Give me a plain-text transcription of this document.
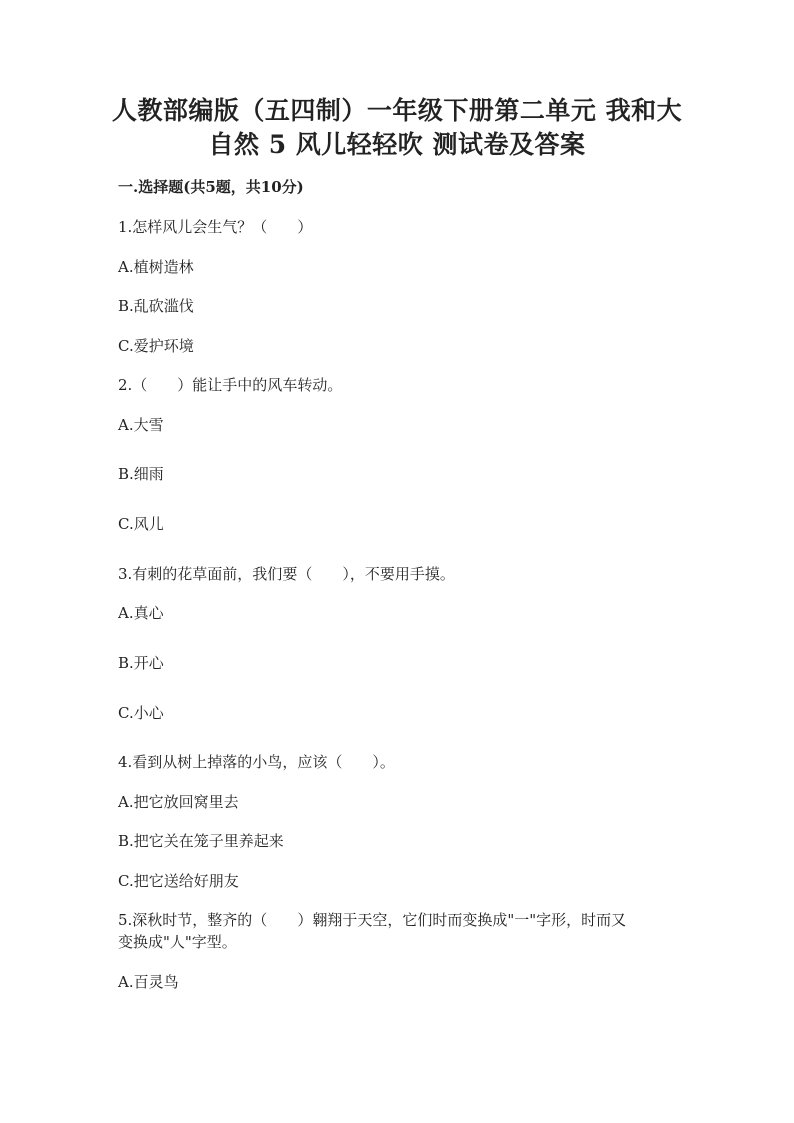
人教部编版（五四制）一年级下册第二单元 我和大
自然 5 风儿轻轻吹 测试卷及答案
一.选择题(共5题，共10分)
1.怎样风儿会生气？（　　）
A.植树造林
B.乱砍滥伐
C.爱护环境
2.（　　）能让手中的风车转动。
A.大雪
B.细雨
C.风儿
3.有刺的花草面前，我们要（　　），不要用手摸。
A.真心
B.开心
C.小心
4.看到从树上掉落的小鸟，应该（　　）。
A.把它放回窝里去
B.把它关在笼子里养起来
C.把它送给好朋友
5.深秋时节，整齐的（　　）翱翔于天空，它们时而变换成"一"字形，时而又
变换成"人"字型。
A.百灵鸟
